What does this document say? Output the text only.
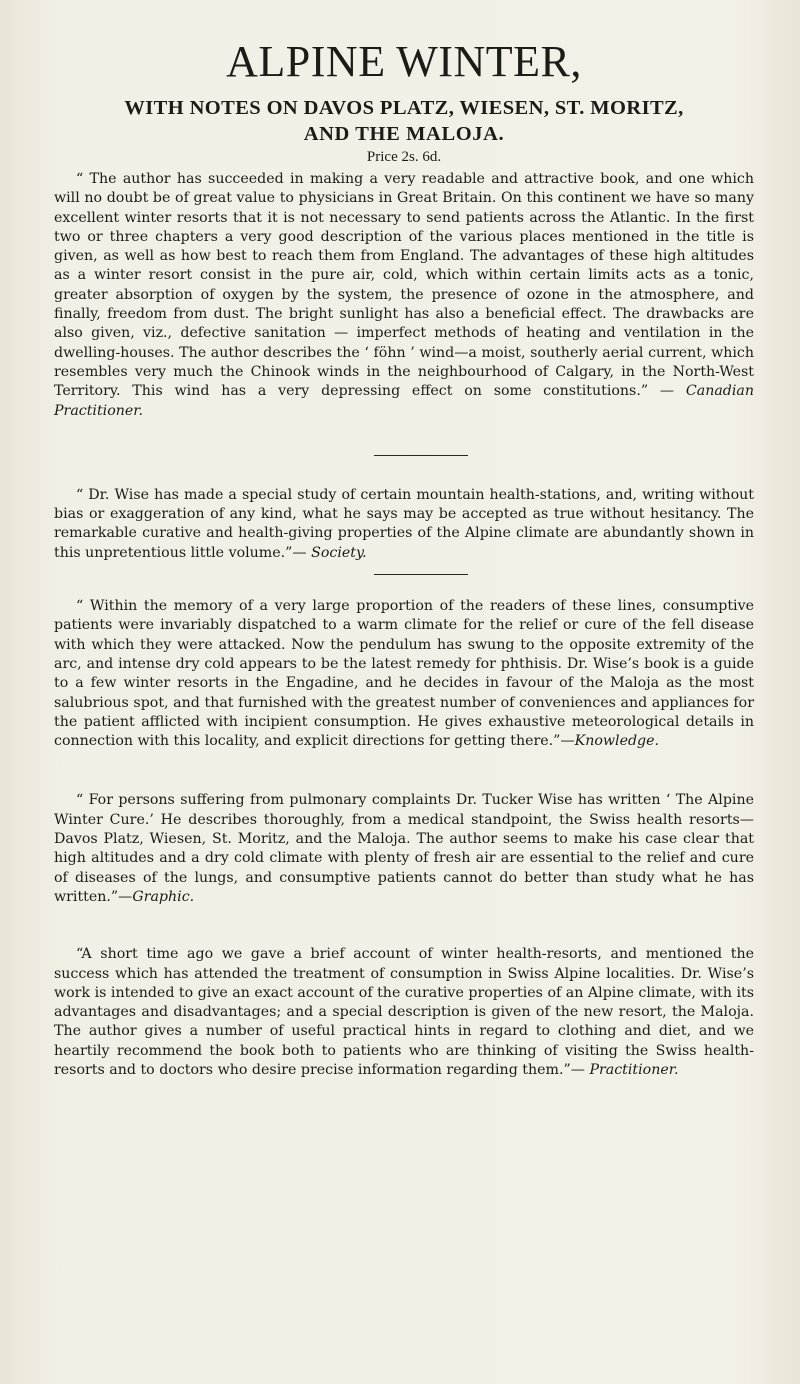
ALPINE WINTER,
WITH NOTES ON DAVOS PLATZ, WIESEN, ST. MORITZ,
AND THE MALOJA.
Price 2s. 6d.

“ The author has succeeded in making a very readable and attractive book, and one which will no doubt be of great value to physicians in Great Britain. On this continent we have so many excellent winter resorts that it is not necessary to send patients across the Atlantic. In the first two or three chapters a very good description of the various places mentioned in the title is given, as well as how best to reach them from England. The advantages of these high altitudes as a winter resort consist in the pure air, cold, which within certain limits acts as a tonic, greater absorption of oxygen by the system, the presence of ozone in the atmosphere, and finally, freedom from dust. The bright sunlight has also a beneficial effect. The drawbacks are also given, viz., defective sanitation — imperfect methods of heating and ventilation in the dwelling-houses. The author describes the ‘ föhn ’ wind—a moist, southerly aerial current, which resembles very much the Chinook winds in the neighbourhood of Calgary, in the North-West Territory. This wind has a very depressing effect on some constitutions.” — Canadian Practitioner.

“ Dr. Wise has made a special study of certain mountain health-stations, and, writing without bias or exaggeration of any kind, what he says may be accepted as true without hesitancy. The remarkable curative and health-giving properties of the Alpine climate are abundantly shown in this unpretentious little volume.”— Society.

“ Within the memory of a very large proportion of the readers of these lines, consumptive patients were invariably dispatched to a warm climate for the relief or cure of the fell disease with which they were attacked. Now the pendulum has swung to the opposite extremity of the arc, and intense dry cold appears to be the latest remedy for phthisis. Dr. Wise’s book is a guide to a few winter resorts in the Engadine, and he decides in favour of the Maloja as the most salubrious spot, and that furnished with the greatest number of conveniences and appliances for the patient afflicted with incipient consumption. He gives exhaustive meteorological details in connection with this locality, and explicit directions for getting there.”—Knowledge.

“ For persons suffering from pulmonary complaints Dr. Tucker Wise has written ‘ The Alpine Winter Cure.’ He describes thoroughly, from a medical standpoint, the Swiss health resorts—Davos Platz, Wiesen, St. Moritz, and the Maloja. The author seems to make his case clear that high altitudes and a dry cold climate with plenty of fresh air are essential to the relief and cure of diseases of the lungs, and consumptive patients cannot do better than study what he has written.”—Graphic.

“A short time ago we gave a brief account of winter health-resorts, and mentioned the success which has attended the treatment of consumption in Swiss Alpine localities. Dr. Wise’s work is intended to give an exact account of the curative properties of an Alpine climate, with its advantages and disadvantages; and a special description is given of the new resort, the Maloja. The author gives a number of useful practical hints in regard to clothing and diet, and we heartily recommend the book both to patients who are thinking of visiting the Swiss health-resorts and to doctors who desire precise information regarding them.”— Practitioner.
